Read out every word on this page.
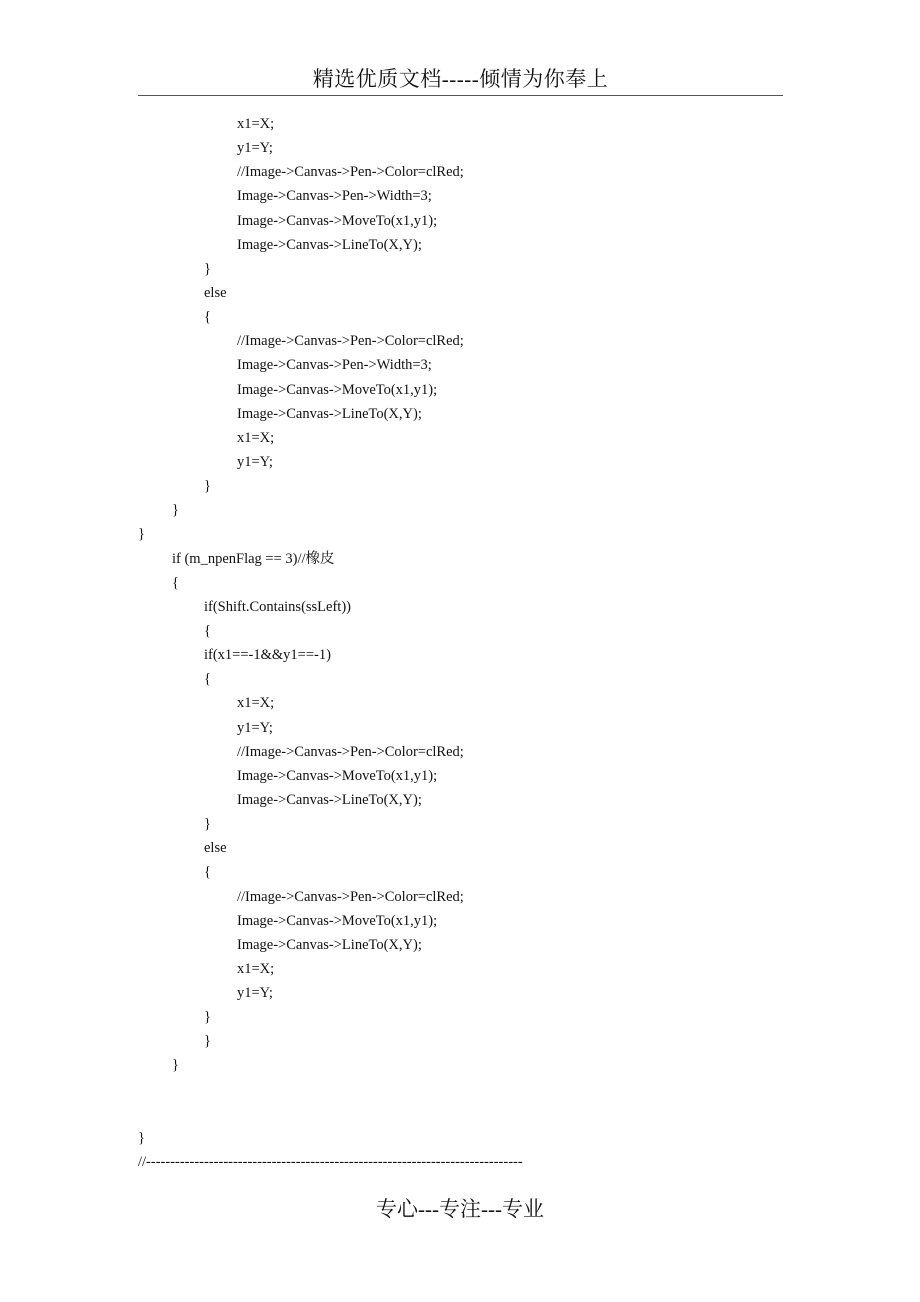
精选优质文档-----倾情为你奉上
x1=X;
y1=Y;
//Image->Canvas->Pen->Color=clRed;
Image->Canvas->Pen->Width=3;
Image->Canvas->MoveTo(x1,y1);
Image->Canvas->LineTo(X,Y);
}
else
{
//Image->Canvas->Pen->Color=clRed;
Image->Canvas->Pen->Width=3;
Image->Canvas->MoveTo(x1,y1);
Image->Canvas->LineTo(X,Y);
x1=X;
y1=Y;
}
}
}
if (m_npenFlag == 3)//橡皮
{
if(Shift.Contains(ssLeft))
{
if(x1==-1&&y1==-1)
{
x1=X;
y1=Y;
//Image->Canvas->Pen->Color=clRed;
Image->Canvas->MoveTo(x1,y1);
Image->Canvas->LineTo(X,Y);
}
else
{
//Image->Canvas->Pen->Color=clRed;
Image->Canvas->MoveTo(x1,y1);
Image->Canvas->LineTo(X,Y);
x1=X;
y1=Y;
}
}
}
}
//------------------------------------------------------------------------------
专心---专注---专业
